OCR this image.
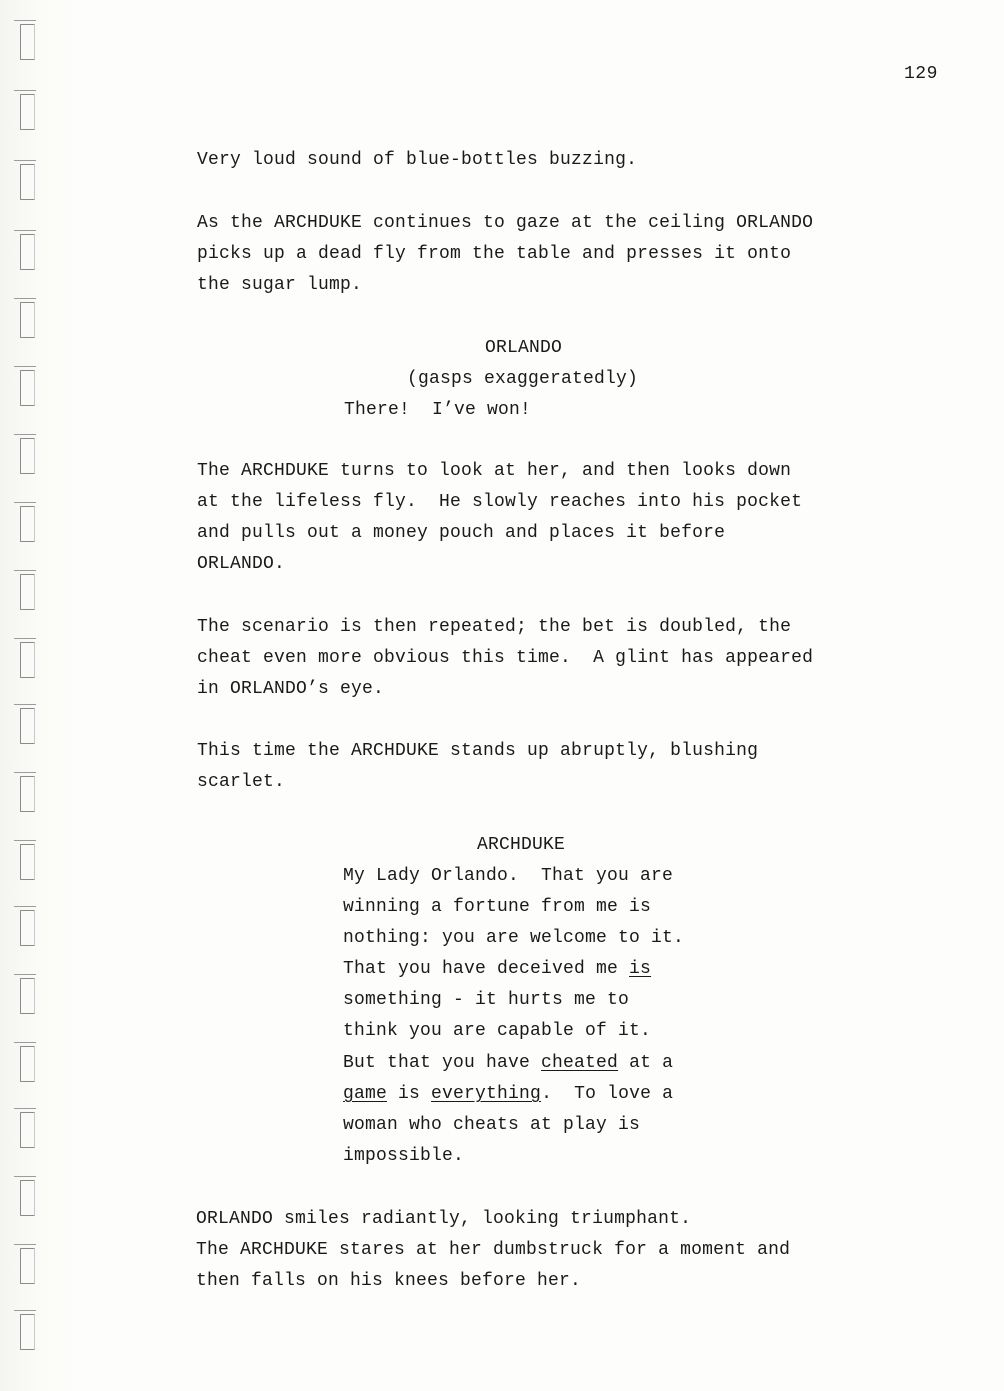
129
Very loud sound of blue-bottles buzzing.
As the ARCHDUKE continues to gaze at the ceiling ORLANDO
picks up a dead fly from the table and presses it onto
the sugar lump.
ORLANDO
(gasps exaggeratedly)
There!  I’ve won!
The ARCHDUKE turns to look at her, and then looks down
at the lifeless fly.  He slowly reaches into his pocket
and pulls out a money pouch and places it before
ORLANDO.
The scenario is then repeated; the bet is doubled, the
cheat even more obvious this time.  A glint has appeared
in ORLANDO’s eye.
This time the ARCHDUKE stands up abruptly, blushing
scarlet.
ARCHDUKE
My Lady Orlando.  That you are
winning a fortune from me is
nothing: you are welcome to it.
That you have deceived me is
something - it hurts me to
think you are capable of it.
But that you have cheated at a
game is everything.  To love a
woman who cheats at play is
impossible.
ORLANDO smiles radiantly, looking triumphant.
The ARCHDUKE stares at her dumbstruck for a moment and
then falls on his knees before her.
